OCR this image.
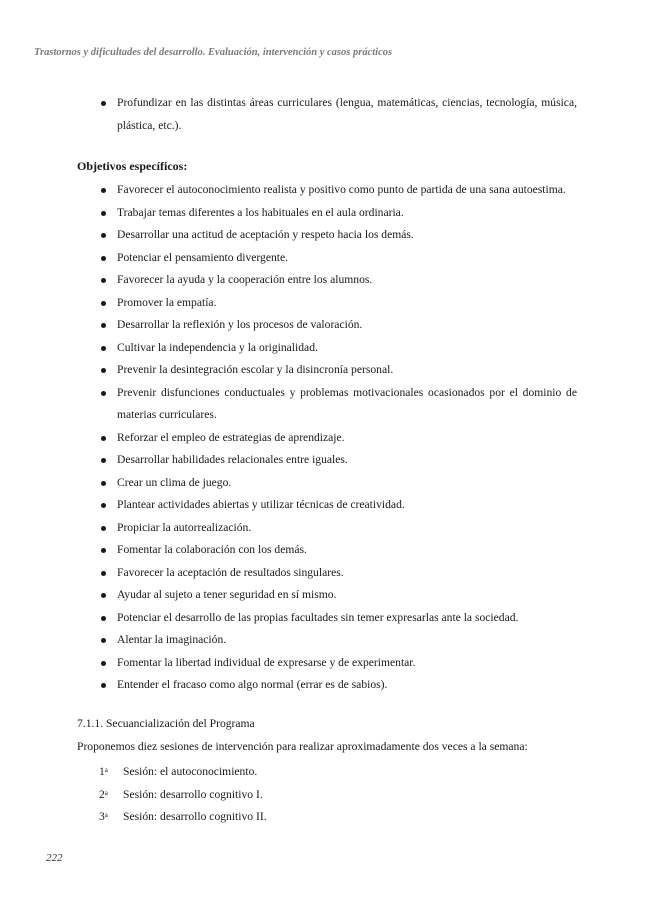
Trastornos y dificultades del desarrollo. Evaluación, intervención y casos prácticos
Profundizar en las distintas áreas curriculares (lengua, matemáticas, ciencias, tecnología, música, plástica, etc.).
Objetivos específicos:
Favorecer el autoconocimiento realista y positivo como punto de partida de una sana autoestima.
Trabajar temas diferentes a los habituales en el aula ordinaria.
Desarrollar una actitud de aceptación y respeto hacia los demás.
Potenciar el pensamiento divergente.
Favorecer la ayuda y la cooperación entre los alumnos.
Promover la empatía.
Desarrollar la reflexión y los procesos de valoración.
Cultivar la independencia y la originalidad.
Prevenir la desintegración escolar y la disincronía personal.
Prevenir disfunciones conductuales y problemas motivacionales ocasionados por el dominio de materias curriculares.
Reforzar el empleo de estrategias de aprendizaje.
Desarrollar habilidades relacionales entre iguales.
Crear un clima de juego.
Plantear actividades abiertas y utilizar técnicas de creatividad.
Propiciar la autorrealización.
Fomentar la colaboración con los demás.
Favorecer la aceptación de resultados singulares.
Ayudar al sujeto a tener seguridad en sí mismo.
Potenciar el desarrollo de las propias facultades sin temer expresarlas ante la sociedad.
Alentar la imaginación.
Fomentar la libertad individual de expresarse y de experimentar.
Entender el fracaso como algo normal (errar es de sabios).
7.1.1. Secuancialización del Programa
Proponemos diez sesiones de intervención para realizar aproximadamente dos veces a la semana:
1$^a$ Sesión: el autoconocimiento.
2$^a$ Sesión: desarrollo cognitivo I.
3$^a$ Sesión: desarrollo cognitivo II.
222
